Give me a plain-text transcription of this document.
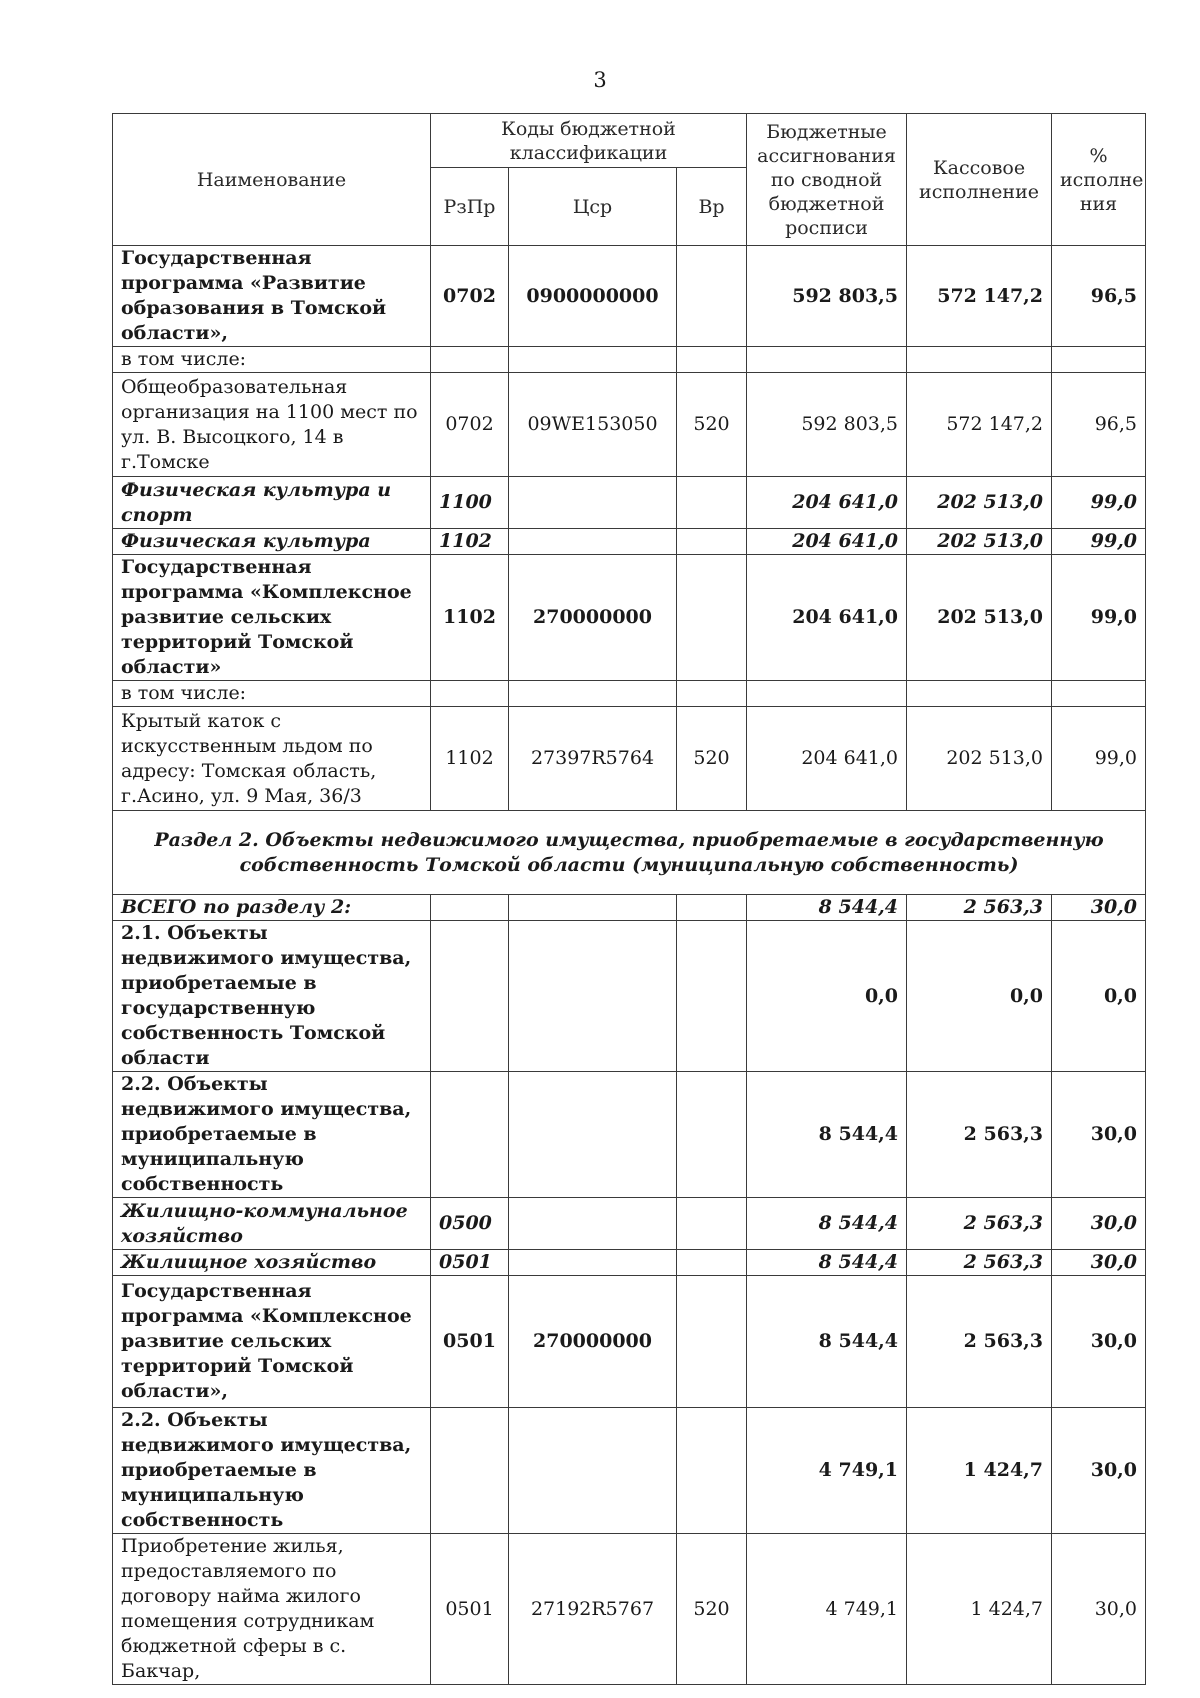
3
Наименование	Коды бюджетной классификации			Бюджетные ассигнования по сводной бюджетной росписи	Кассовое исполнение	% исполне ния
	РзПр	Цср	Вр			
Государственная программа «Развитие образования в Томской области»,	0702	0900000000		592 803,5	572 147,2	96,5
в том числе:						
Общеобразовательная организация на 1100 мест по ул. В. Высоцкого, 14 в г.Томске	0702	09WE153050	520	592 803,5	572 147,2	96,5
Физическая культура и спорт	1100			204 641,0	202 513,0	99,0
Физическая культура	1102			204 641,0	202 513,0	99,0
Государственная программа «Комплексное развитие сельских территорий Томской области»	1102	270000000		204 641,0	202 513,0	99,0
в том числе:						
Крытый каток с искусственным льдом по адресу: Томская область, г.Асино, ул. 9 Мая, 36/3	1102	27397R5764	520	204 641,0	202 513,0	99,0
Раздел 2. Объекты недвижимого имущества, приобретаемые в государственную собственность Томской области (муниципальную собственность)						
ВСЕГО по разделу 2:				8 544,4	2 563,3	30,0
2.1. Объекты недвижимого имущества, приобретаемые в государственную собственность Томской области				0,0	0,0	0,0
2.2. Объекты недвижимого имущества, приобретаемые в муниципальную собственность				8 544,4	2 563,3	30,0
Жилищно-коммунальное хозяйство	0500			8 544,4	2 563,3	30,0
Жилищное хозяйство	0501			8 544,4	2 563,3	30,0
Государственная программа «Комплексное развитие сельских территорий Томской области»,	0501	270000000		8 544,4	2 563,3	30,0
2.2. Объекты недвижимого имущества, приобретаемые в муниципальную собственность				4 749,1	1 424,7	30,0
Приобретение жилья, предоставляемого по договору найма жилого помещения сотрудникам бюджетной сферы в с. Бакчар,	0501	27192R5767	520	4 749,1	1 424,7	30,0
